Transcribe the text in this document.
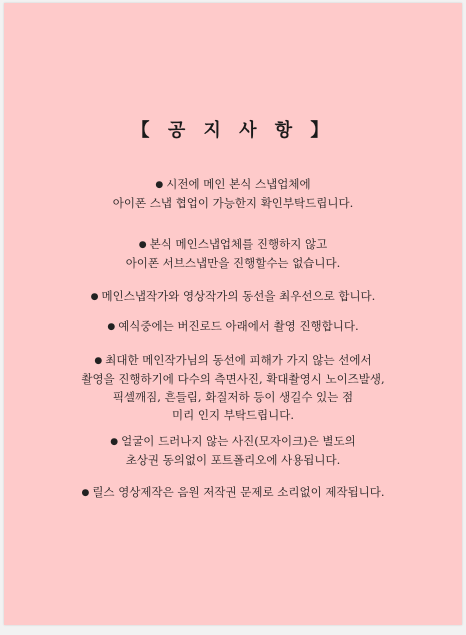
【 공 지 사 항 】
● 시전에 메인 본식 스냅업체에
아이폰 스냅 협업이 가능한지 확인부탁드립니다.
● 본식 메인스냅업체를 진행하지 않고
아이폰 서브스냅만을 진행할수는 없습니다.
● 메인스냅작가와 영상작가의 동선을 최우선으로 합니다.
● 예식중에는 버진로드 아래에서 촬영 진행합니다.
● 최대한 메인작가님의 동선에 피해가 가지 않는 선에서
촬영을 진행하기에 다수의 측면사진, 확대촬영시 노이즈발생,
픽셀깨짐, 흔들림, 화질저하 등이 생길수 있는 점
미리 인지 부탁드립니다.
● 얼굴이 드러나지 않는 사진(모자이크)은 별도의
초상권 동의없이 포트폴리오에 사용됩니다.
● 릴스 영상제작은 음원 저작권 문제로 소리없이 제작됩니다.
